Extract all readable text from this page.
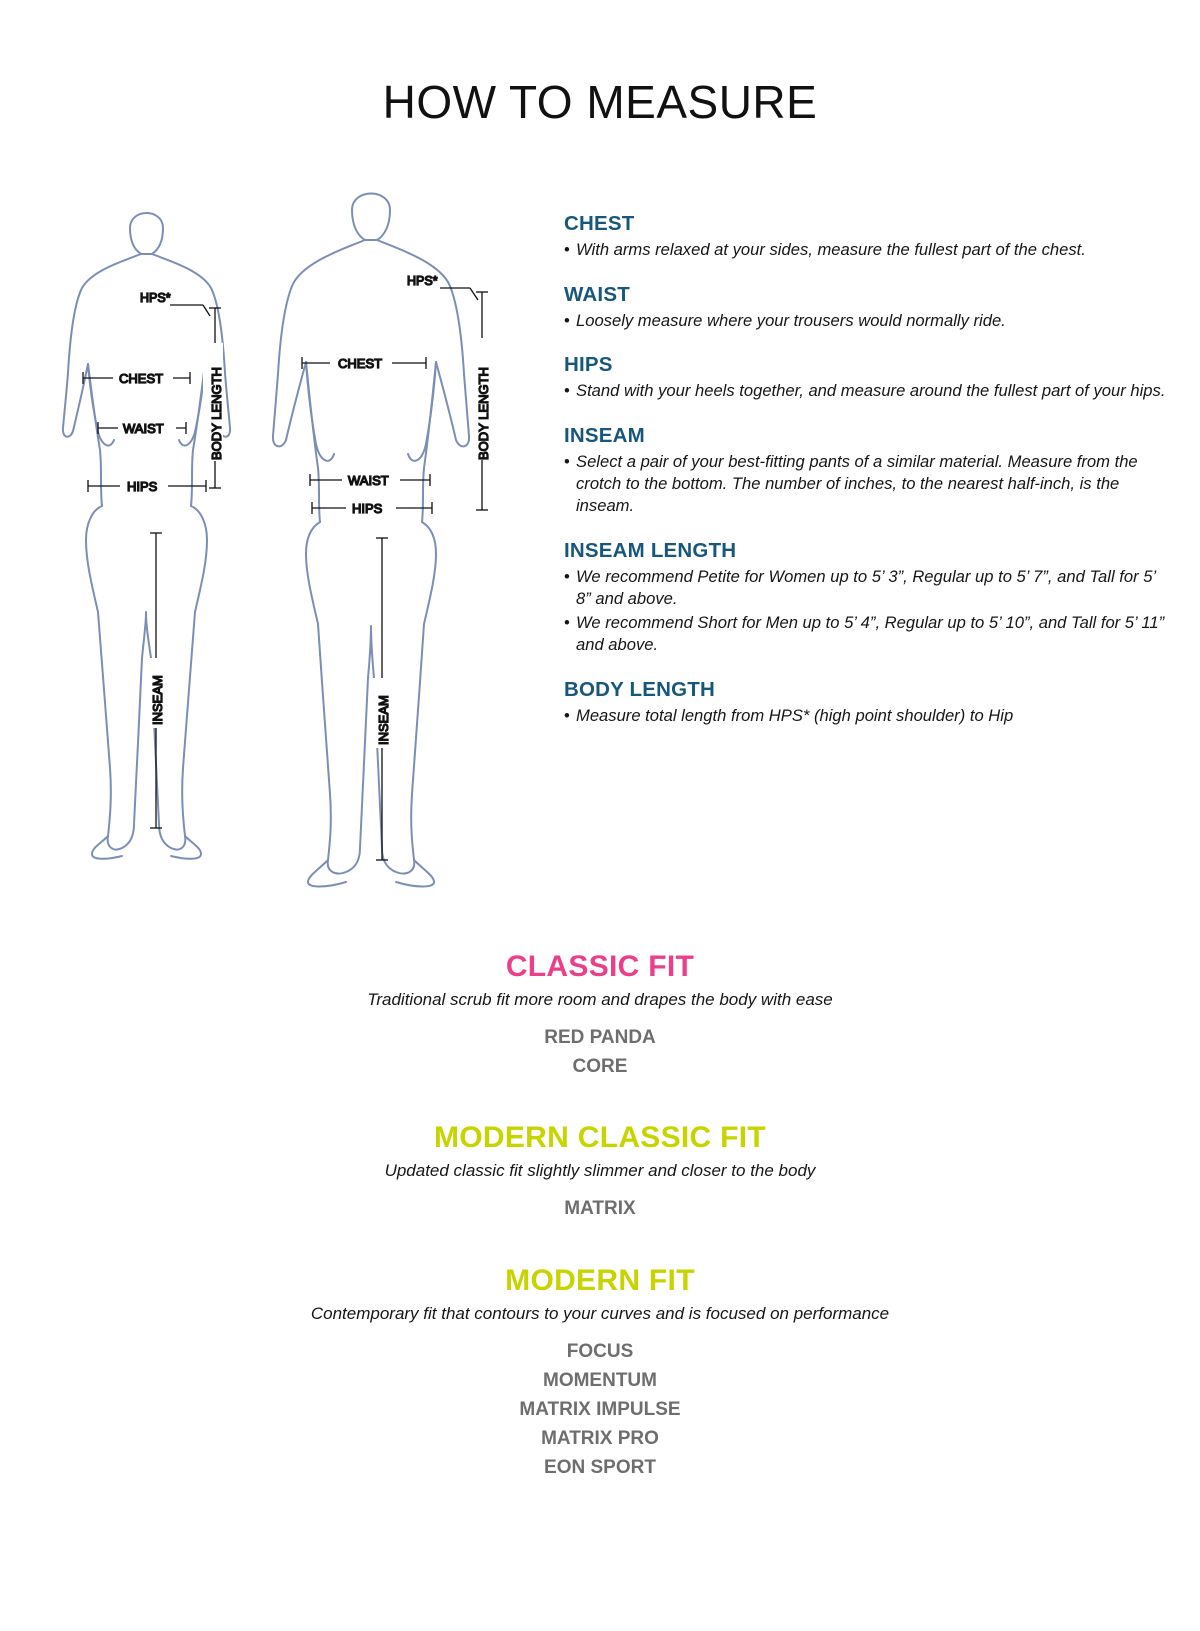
HOW TO MEASURE
HPS*
CHEST
WAIST
HIPS
BODY LENGTH
INSEAM
HPS*
CHEST
WAIST
HIPS
BODY LENGTH
INSEAM
CHEST
• With arms relaxed at your sides, measure the fullest part of the chest.
WAIST
• Loosely measure where your trousers would normally ride.
HIPS
• Stand with your heels together, and measure around the fullest part of your hips.
INSEAM
• Select a pair of your best-fitting pants of a similar material. Measure from the crotch to the bottom. The number of inches, to the nearest half-inch, is the inseam.
INSEAM LENGTH
• We recommend Petite for Women up to 5’ 3”, Regular up to 5’ 7”, and Tall for 5’ 8” and above.
• We recommend Short for Men up to 5’ 4”, Regular up to 5’ 10”, and Tall for 5’ 11” and above.
BODY LENGTH
• Measure total length from HPS* (high point shoulder) to Hip
CLASSIC FIT
Traditional scrub fit more room and drapes the body with ease
RED PANDA
CORE
MODERN CLASSIC FIT
Updated classic fit slightly slimmer and closer to the body
MATRIX
MODERN FIT
Contemporary fit that contours to your curves and is focused on performance
FOCUS
MOMENTUM
MATRIX IMPULSE
MATRIX PRO
EON SPORT
